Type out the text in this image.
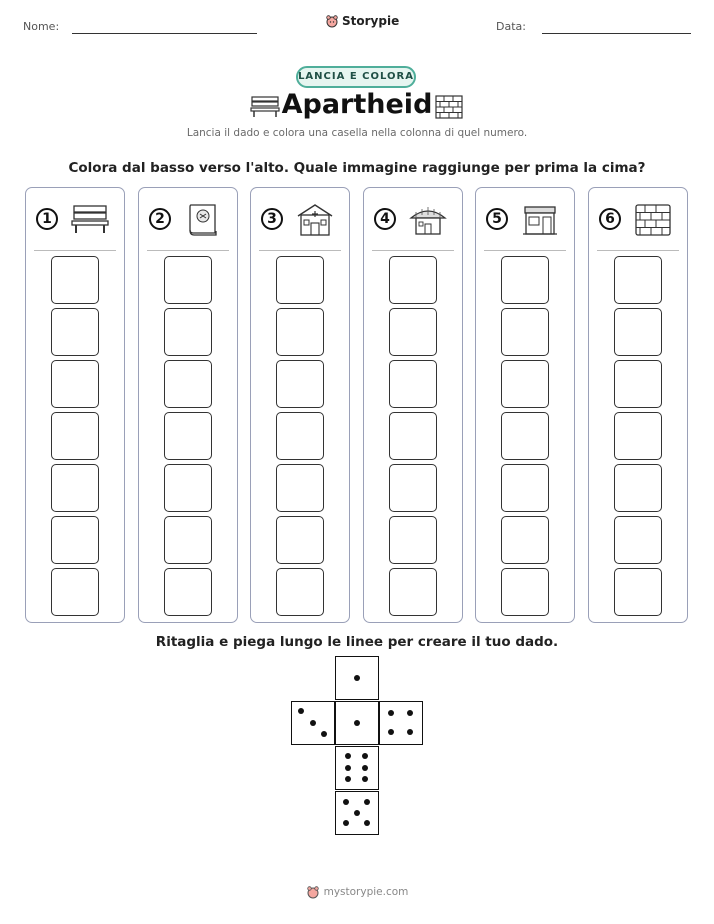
Nome:	Storypie	Data:
LANCIA E COLORA
Apartheid
Lancia il dado e colora una casella nella colonna di quel numero.
Colora dal basso verso l'alto. Quale immagine raggiunge per prima la cima?
1	2	3	4	5	6
Ritaglia e piega lungo le linee per creare il tuo dado.
mystorypie.com
